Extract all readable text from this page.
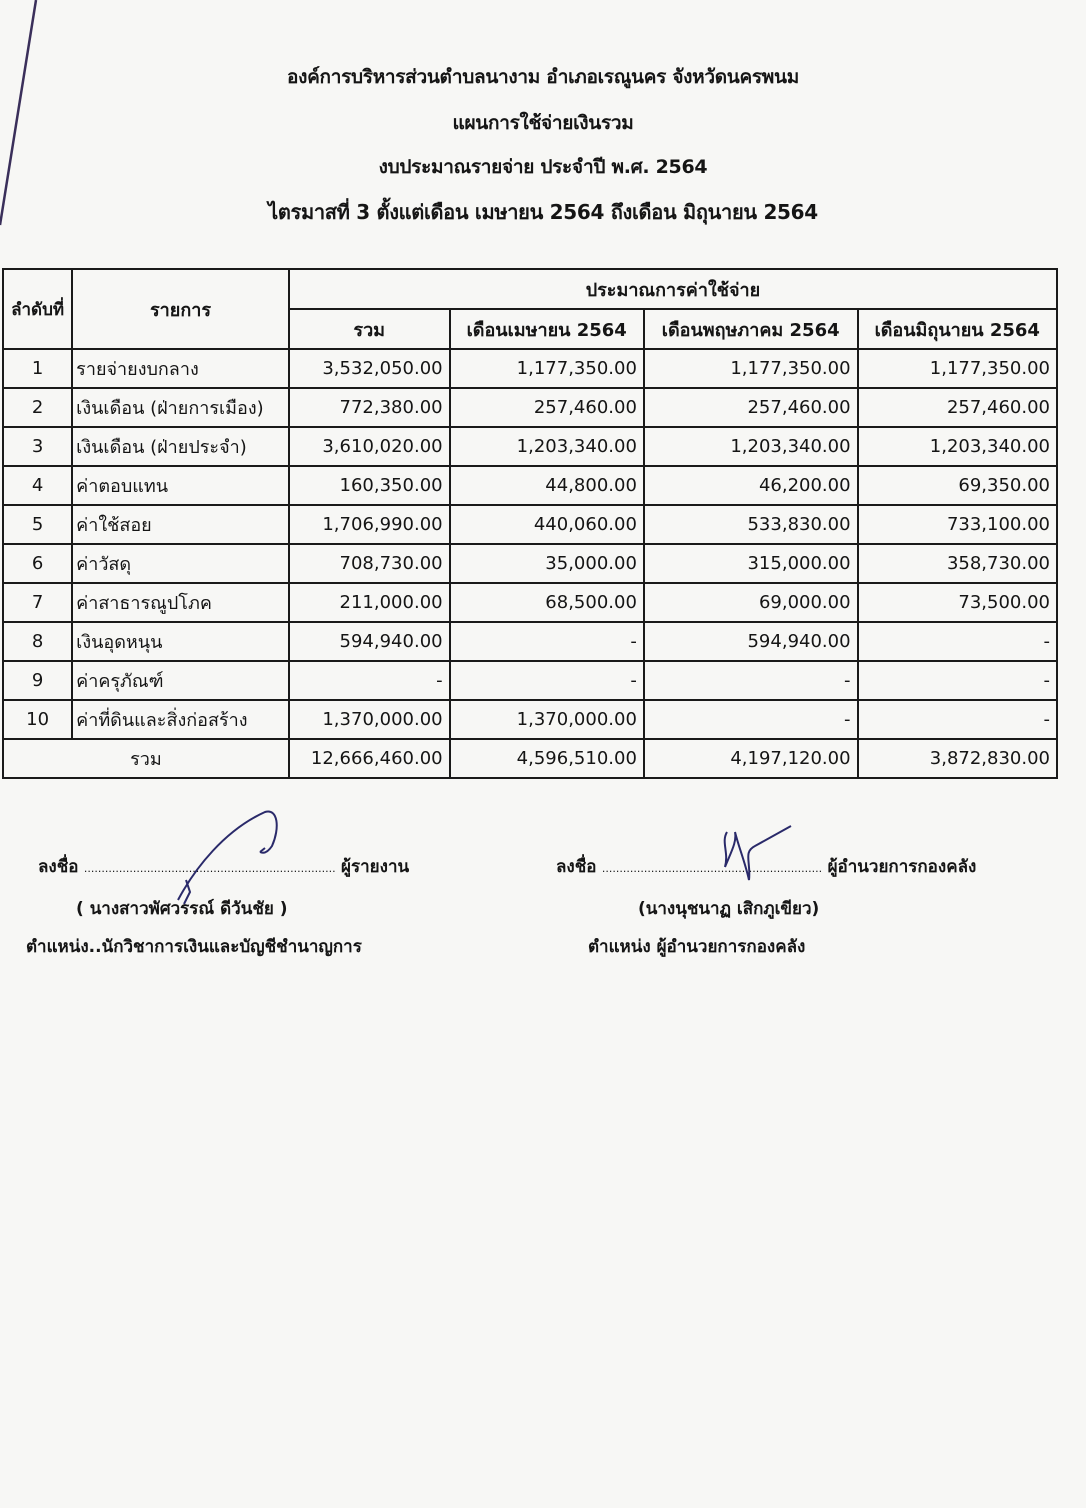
องค์การบริหารส่วนตำบลนางาม อำเภอเรณูนคร จังหวัดนครพนม
แผนการใช้จ่ายเงินรวม
งบประมาณรายจ่าย ประจำปี พ.ศ. 2564
ไตรมาสที่ 3 ตั้งแต่เดือน เมษายน 2564 ถึงเดือน มิถุนายน 2564
ลำดับที่	รายการ	ประมาณการค่าใช้จ่าย			
		รวม	เดือนเมษายน 2564	เดือนพฤษภาคม 2564	เดือนมิถุนายน 2564
1	รายจ่ายงบกลาง	3,532,050.00	1,177,350.00	1,177,350.00	1,177,350.00
2	เงินเดือน (ฝ่ายการเมือง)	772,380.00	257,460.00	257,460.00	257,460.00
3	เงินเดือน (ฝ่ายประจำ)	3,610,020.00	1,203,340.00	1,203,340.00	1,203,340.00
4	ค่าตอบแทน	160,350.00	44,800.00	46,200.00	69,350.00
5	ค่าใช้สอย	1,706,990.00	440,060.00	533,830.00	733,100.00
6	ค่าวัสดุ	708,730.00	35,000.00	315,000.00	358,730.00
7	ค่าสาธารณูปโภค	211,000.00	68,500.00	69,000.00	73,500.00
8	เงินอุดหนุน	594,940.00	-	594,940.00	-
9	ค่าครุภัณฑ์	-	-	-	-
10	ค่าที่ดินและสิ่งก่อสร้าง	1,370,000.00	1,370,000.00	-	-
รวม		12,666,460.00	4,596,510.00	4,197,120.00	3,872,830.00
ลงชื่อ ........................................................................ ผู้รายงาน
( นางสาวพัศวรรณ์ ดีวันชัย )
ตำแหน่ง..นักวิชาการเงินและบัญชีชำนาญการ
ลงชื่อ ............................................................... ผู้อำนวยการกองคลัง
(นางนุชนาฏ เสิกภูเขียว)
ตำแหน่ง ผู้อำนวยการกองคลัง
